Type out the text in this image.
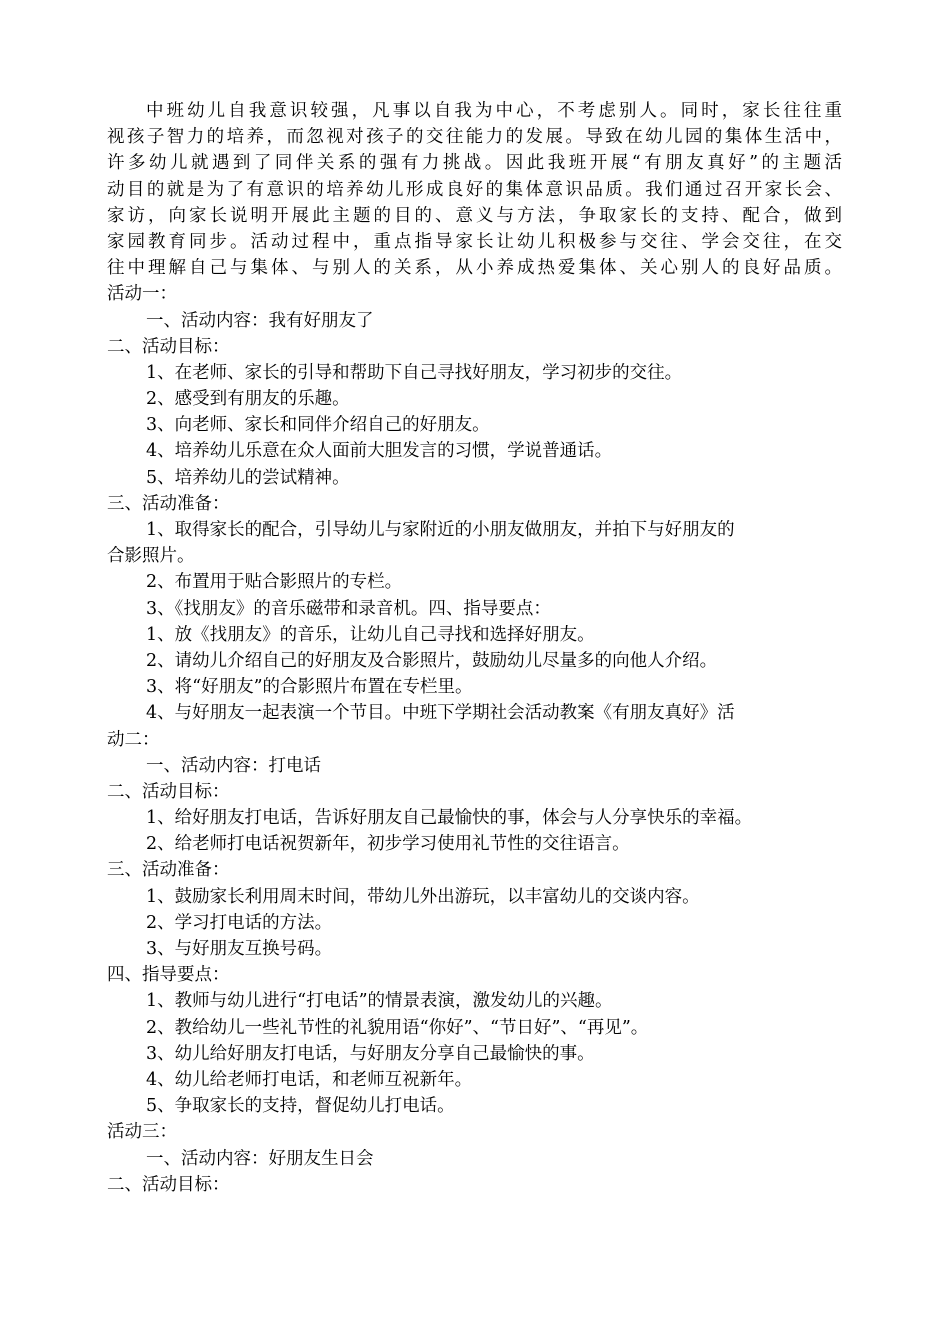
中班幼儿自我意识较强，凡事以自我为中心，不考虑别人。同时，家长往往重
视孩子智力的培养，而忽视对孩子的交往能力的发展。导致在幼儿园的集体生活中，
许多幼儿就遇到了同伴关系的强有力挑战。因此我班开展“有朋友真好”的主题活
动目的就是为了有意识的培养幼儿形成良好的集体意识品质。我们通过召开家长会、
家访，向家长说明开展此主题的目的、意义与方法，争取家长的支持、配合，做到
家园教育同步。活动过程中，重点指导家长让幼儿积极参与交往、学会交往，在交
往中理解自己与集体、与别人的关系，从小养成热爱集体、关心别人的良好品质。
活动一：
一、活动内容：我有好朋友了
二、活动目标：
1、在老师、家长的引导和帮助下自己寻找好朋友，学习初步的交往。
2、感受到有朋友的乐趣。
3、向老师、家长和同伴介绍自己的好朋友。
4、培养幼儿乐意在众人面前大胆发言的习惯，学说普通话。
5、培养幼儿的尝试精神。
三、活动准备：
1、取得家长的配合，引导幼儿与家附近的小朋友做朋友，并拍下与好朋友的
合影照片。
2、布置用于贴合影照片的专栏。
3、《找朋友》的音乐磁带和录音机。四、指导要点：
1、放《找朋友》的音乐，让幼儿自己寻找和选择好朋友。
2、请幼儿介绍自己的好朋友及合影照片，鼓励幼儿尽量多的向他人介绍。
3、将“好朋友”的合影照片布置在专栏里。
4、与好朋友一起表演一个节目。中班下学期社会活动教案《有朋友真好》活
动二：
一、活动内容：打电话
二、活动目标：
1、给好朋友打电话，告诉好朋友自己最愉快的事，体会与人分享快乐的幸福。
2、给老师打电话祝贺新年，初步学习使用礼节性的交往语言。
三、活动准备：
1、鼓励家长利用周末时间，带幼儿外出游玩，以丰富幼儿的交谈内容。
2、学习打电话的方法。
3、与好朋友互换号码。
四、指导要点：
1、教师与幼儿进行“打电话”的情景表演，激发幼儿的兴趣。
2、教给幼儿一些礼节性的礼貌用语“你好”、“节日好”、“再见”。
3、幼儿给好朋友打电话，与好朋友分享自己最愉快的事。
4、幼儿给老师打电话，和老师互祝新年。
5、争取家长的支持，督促幼儿打电话。
活动三：
一、活动内容：好朋友生日会
二、活动目标：
